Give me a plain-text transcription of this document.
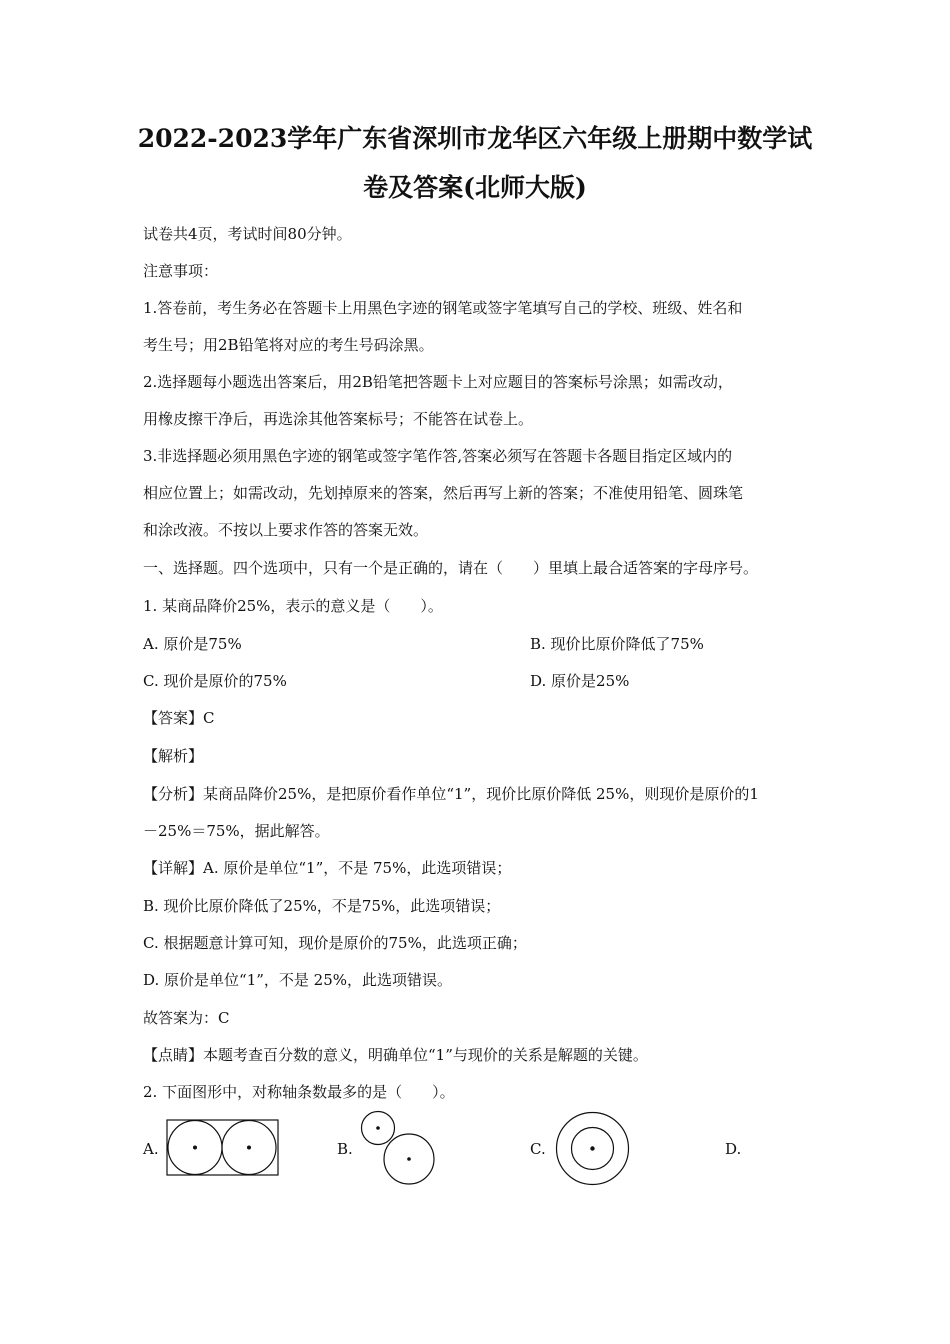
2022-2023学年广东省深圳市龙华区六年级上册期中数学试
卷及答案(北师大版)
试卷共4页，考试时间80分钟。
注意事项：
1.答卷前，考生务必在答题卡上用黑色字迹的钢笔或签字笔填写自己的学校、班级、姓名和
考生号；用2B铅笔将对应的考生号码涂黑。
2.选择题每小题选出答案后，用2B铅笔把答题卡上对应题目的答案标号涂黑；如需改动，
用橡皮擦干净后，再选涂其他答案标号；不能答在试卷上。
3.非选择题必须用黑色字迹的钢笔或签字笔作答,答案必须写在答题卡各题目指定区域内的
相应位置上；如需改动，先划掉原来的答案，然后再写上新的答案；不准使用铅笔、圆珠笔
和涂改液。不按以上要求作答的答案无效。
一、选择题。四个选项中，只有一个是正确的，请在（　　）里填上最合适答案的字母序号。
1. 某商品降价25%，表示的意义是（　　）。
A. 原价是75%	B. 现价比原价降低了75%
C. 现价是原价的75%	D. 原价是25%
【答案】C
【解析】
【分析】某商品降价25%，是把原价看作单位“1”，现价比原价降低 25%，则现价是原价的1
－25%＝75%，据此解答。
【详解】A. 原价是单位“1”，不是 75%，此选项错误；
B. 现价比原价降低了25%，不是75%，此选项错误；
C. 根据题意计算可知，现价是原价的75%，此选项正确；
D. 原价是单位“1”，不是 25%，此选项错误。
故答案为：C
【点睛】本题考查百分数的意义，明确单位“1”与现价的关系是解题的关键。
2. 下面图形中，对称轴条数最多的是（　　）。
A.	B.	C.	D.
